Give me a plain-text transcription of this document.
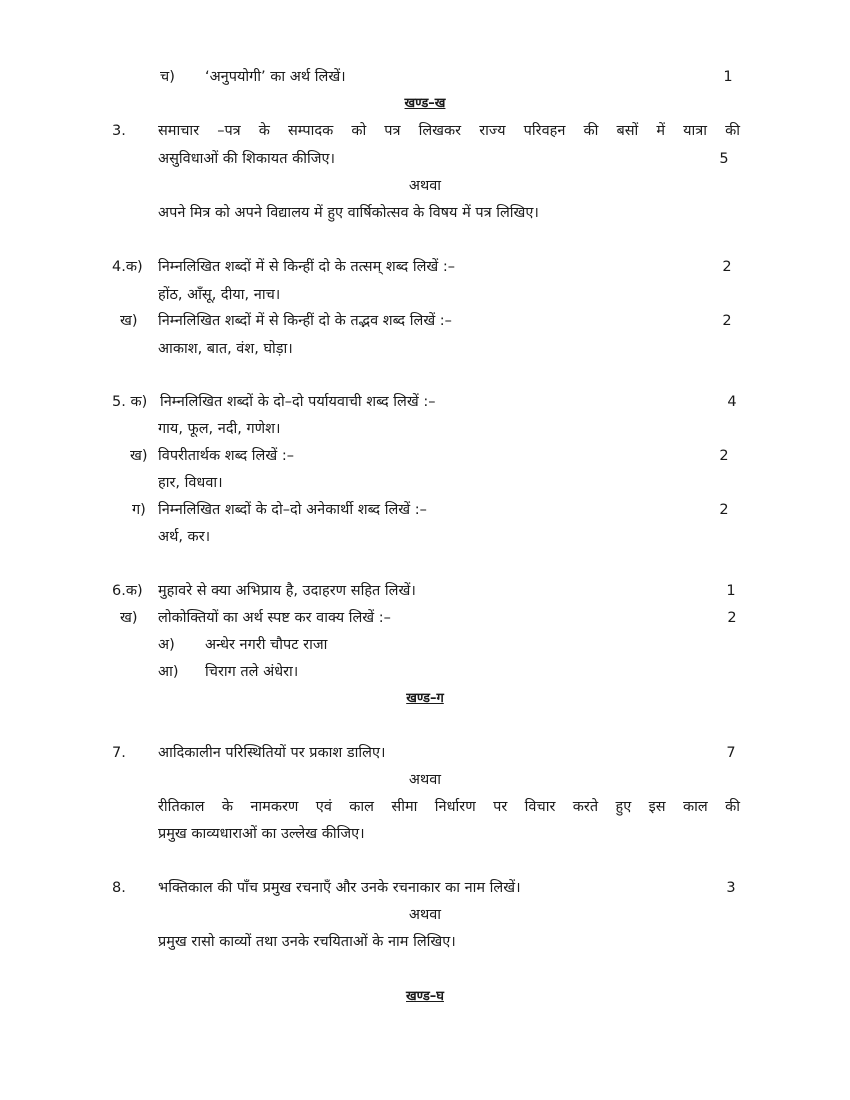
च) ‘अनुपयोगी’ का अर्थ लिखें।	1
खण्ड–ख
3. समाचार –पत्र के सम्पादक को पत्र लिखकर राज्य परिवहन की बसों में यात्रा की
असुविधाओं की शिकायत कीजिए।	5
अथवा
अपने मित्र को अपने विद्यालय में हुए वार्षिकोत्सव के विषय में पत्र लिखिए।
4.क) निम्नलिखित शब्दों में से किन्हीं दो के तत्सम् शब्द लिखें :–	2
होंठ, आँसू, दीया, नाच।
ख) निम्नलिखित शब्दों में से किन्हीं दो के तद्भव शब्द लिखें :–	2
आकाश, बात, वंश, घोड़ा।
5. क) निम्नलिखित शब्दों के दो–दो पर्यायवाची शब्द लिखें :–	4
गाय, फूल, नदी, गणेश।
ख) विपरीतार्थक शब्द लिखें :–	2
हार, विधवा।
ग) निम्नलिखित शब्दों के दो–दो अनेकार्थी शब्द लिखें :–	2
अर्थ, कर।
6.क) मुहावरे से क्या अभिप्राय है, उदाहरण सहित लिखें।	1
ख) लोकोक्तियों का अर्थ स्पष्ट कर वाक्य लिखें :–	2
अ) अन्धेर नगरी चौपट राजा
आ) चिराग तले अंधेरा।
खण्ड–ग
7. आदिकालीन परिस्थितियों पर प्रकाश डालिए।	7
अथवा
रीतिकाल के नामकरण एवं काल सीमा निर्धारण पर विचार करते हुए इस काल की
प्रमुख काव्यधाराओं का उल्लेख कीजिए।
8. भक्तिकाल की पाँच प्रमुख रचनाएँ और उनके रचनाकार का नाम लिखें।	3
अथवा
प्रमुख रासो काव्यों तथा उनके रचयिताओं के नाम लिखिए।
खण्ड–घ
